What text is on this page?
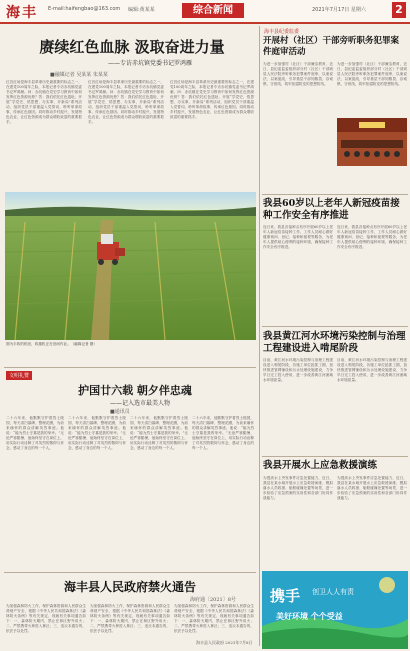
海丰 E-mail:haifengbao@163.com 编辑:黄某某	综合新闻	2021年7月17日 星期六	2
赓续红色血脉 汲取奋进力量
——专访赤坑镇党委书记罗鸿雁
■融媒记者 吴某某 朱某某
红宫红场是海丰县革命历史最重要的标志之一，在建党100周年之际，本报记者专访赤坑镇党委书记罗鸿雁。问：赤坑镇在党史学习教育中如何发挥红色资源优势？答：我们依托红色遗址，开展“学党史、悟思想、办实事、开新局”系列活动，组织党员干部重温入党誓词，聆听革命故事，传承红色基因。同时推动乡村振兴，发展特色农业，让红色资源成为群众增收致富的重要抓手。
红宫红场是海丰县革命历史最重要的标志之一，在建党100周年之际，本报记者专访赤坑镇党委书记罗鸿雁。问：赤坑镇在党史学习教育中如何发挥红色资源优势？答：我们依托红色遗址，开展“学党史、悟思想、办实事、开新局”系列活动，组织党员干部重温入党誓词，聆听革命故事，传承红色基因。同时推动乡村振兴，发展特色农业，让红色资源成为群众增收致富的重要抓手。
红宫红场是海丰县革命历史最重要的标志之一，在建党100周年之际，本报记者专访赤坑镇党委书记罗鸿雁。问：赤坑镇在党史学习教育中如何发挥红色资源优势？答：我们依托红色遗址，开展“学党史、悟思想、办实事、开新局”系列活动，组织党员干部重温入党誓词，聆听革命故事，传承红色基因。同时推动乡村振兴，发展特色农业，让红色资源成为群众增收致富的重要抓手。
图为丰收的稻田，收割机正在田间作业。（融媒记者 摄）
文明礼赞
护国廿六载 朝夕伴忠魂
——记入选市最美人物
■通讯员
二十六年来，他默默守护着烈士陵园，每天清扫墓碑、整理花圈，为前来缅怀的群众讲解英烈事迹。他说：“能为烈士守墓是我的荣幸。”无论严寒酷暑，他始终坚守在岗位上，用实际行动诠释了对英烈的敬仰与怀念，感动了身边的每一个人。
二十六年来，他默默守护着烈士陵园，每天清扫墓碑、整理花圈，为前来缅怀的群众讲解英烈事迹。他说：“能为烈士守墓是我的荣幸。”无论严寒酷暑，他始终坚守在岗位上，用实际行动诠释了对英烈的敬仰与怀念，感动了身边的每一个人。
二十六年来，他默默守护着烈士陵园，每天清扫墓碑、整理花圈，为前来缅怀的群众讲解英烈事迹。他说：“能为烈士守墓是我的荣幸。”无论严寒酷暑，他始终坚守在岗位上，用实际行动诠释了对英烈的敬仰与怀念，感动了身边的每一个人。
二十六年来，他默默守护着烈士陵园，每天清扫墓碑、整理花圈，为前来缅怀的群众讲解英烈事迹。他说：“能为烈士守墓是我的荣幸。”无论严寒酷暑，他始终坚守在岗位上，用实际行动诠释了对英烈的敬仰与怀念，感动了身边的每一个人。
海丰县人民政府禁火通告
海府通〔2021〕8号
为加强森林防火工作，保护森林资源和人民群众生命财产安全，根据《中华人民共和国森林法》《森林防火条例》等有关规定，现就有关事项通告如下：一、森林防火期内，禁止在林区野外用火；二、严禁携带火种进入林区；三、违反本通告的，依法予以处罚。
为加强森林防火工作，保护森林资源和人民群众生命财产安全，根据《中华人民共和国森林法》《森林防火条例》等有关规定，现就有关事项通告如下：一、森林防火期内，禁止在林区野外用火；二、严禁携带火种进入林区；三、违反本通告的，依法予以处罚。
为加强森林防火工作，保护森林资源和人民群众生命财产安全，根据《中华人民共和国森林法》《森林防火条例》等有关规定，现就有关事项通告如下：一、森林防火期内，禁止在林区野外用火；二、严禁携带火种进入林区；三、违反本通告的，依法予以处罚。
海丰县人民政府 2021年7月8日
海丰县纪委监委
开展村（社区）干部旁听职务犯罪案件庭审活动
为进一步加强村（社区）干部廉洁教育，近日，县纪委监委组织部分村（社区）干部到县人民法院旁听职务犯罪案件庭审，以案说法、以案促改，引导基层干部知敬畏、存戒惧、守底线，筑牢拒腐防变的思想防线。
为进一步加强村（社区）干部廉洁教育，近日，县纪委监委组织部分村（社区）干部到县人民法院旁听职务犯罪案件庭审，以案说法、以案促改，引导基层干部知敬畏、存戒惧、守底线，筑牢拒腐防变的思想防线。
我县60岁以上老年人新冠疫苗接种工作安全有序推进
连日来，我县各接种点有序开展60岁以上老年人新冠疫苗接种工作，工作人员耐心做好健康询问、登记、接种和留观等服务，为老年人提供贴心便利的接种环境，确保接种工作安全有序推进。
连日来，我县各接种点有序开展60岁以上老年人新冠疫苗接种工作，工作人员耐心做好健康询问、登记、接种和留观等服务，为老年人提供贴心便利的接种环境，确保接种工作安全有序推进。
我县黄江河水环境污染控制与治理工程建设进入啃尾阶段
目前，黄江河水环境污染控制与治理工程建设进入啃尾阶段，各施工单位抢抓工期，加快推进管网铺设和污水处理设施建设，力争早日完工投入使用，进一步改善黄江河流域水环境质量。
目前，黄江河水环境污染控制与治理工程建设进入啃尾阶段，各施工单位抢抓工期，加快推进管网铺设和污水处理设施建设，力争早日完工投入使用，进一步改善黄江河流域水环境质量。
我县开展水上应急救援演练
为提高水上突发事件应急处置能力，近日，我县在某水域开展水上应急救援演练，模拟落水人员救援、船舶碰撞处置等场景，进一步检验了应急预案的实用性和各部门协同作战能力。
为提高水上突发事件应急处置能力，近日，我县在某水域开展水上应急救援演练，模拟落水人员救援、船舶碰撞处置等场景，进一步检验了应急预案的实用性和各部门协同作战能力。
携手 创卫人人有责
美好环境 个个受益
